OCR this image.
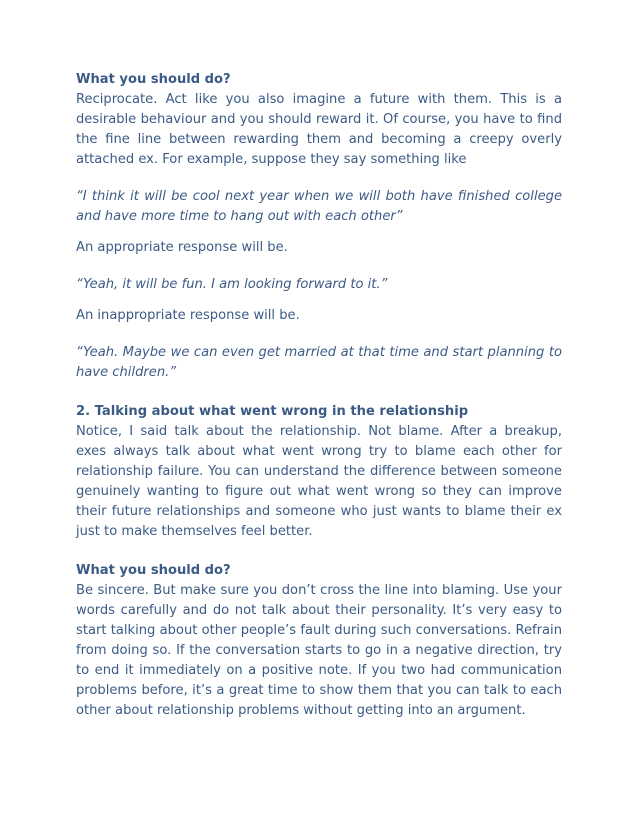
What you should do?

Reciprocate. Act like you also imagine a future with them. This is a desirable behaviour and you should reward it. Of course, you have to find the fine line between rewarding them and becoming a creepy overly attached ex. For example, suppose they say something like

“I think it will be cool next year when we will both have finished college and have more time to hang out with each other”

An appropriate response will be.

“Yeah, it will be fun. I am looking forward to it.”

An inappropriate response will be.

“Yeah. Maybe we can even get married at that time and start planning to have children.”

2. Talking about what went wrong in the relationship

Notice, I said talk about the relationship. Not blame. After a breakup, exes always talk about what went wrong try to blame each other for relationship failure. You can understand the difference between someone genuinely wanting to figure out what went wrong so they can improve their future relationships and someone who just wants to blame their ex just to make themselves feel better.

What you should do?

Be sincere. But make sure you don’t cross the line into blaming. Use your words carefully and do not talk about their personality. It’s very easy to start talking about other people’s fault during such conversations. Refrain from doing so. If the conversation starts to go in a negative direction, try to end it immediately on a positive note. If you two had communication problems before, it’s a great time to show them that you can talk to each other about relationship problems without getting into an argument.
